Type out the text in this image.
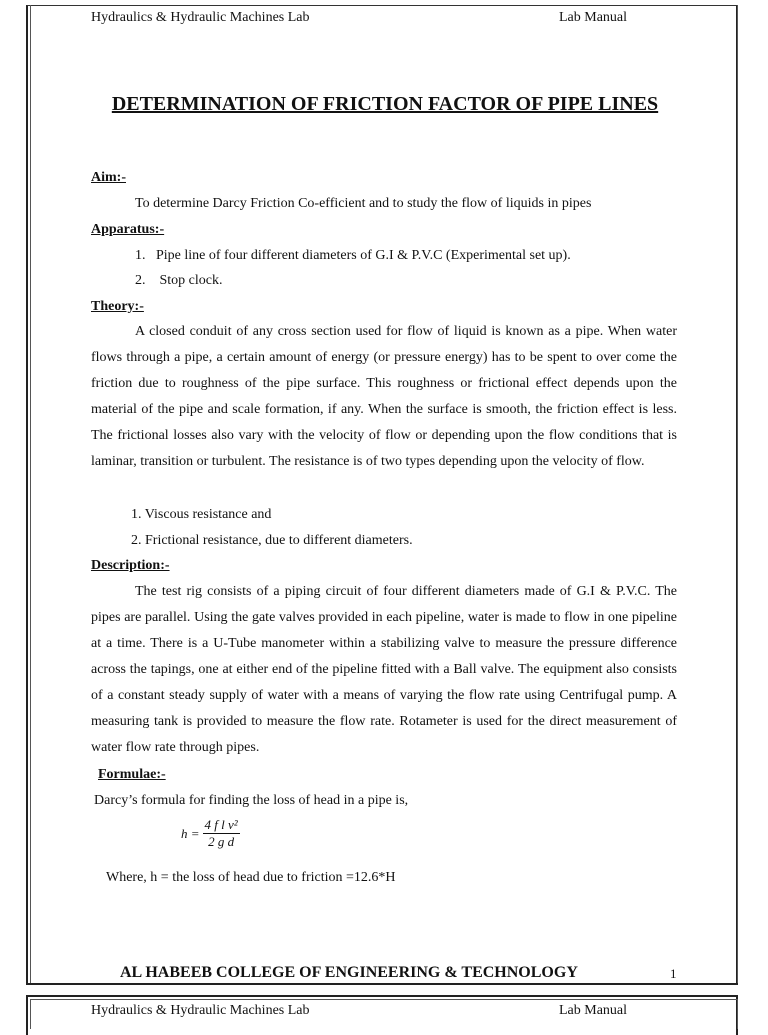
Hydraulics & Hydraulic Machines Lab	Lab Manual
DETERMINATION OF FRICTION FACTOR OF PIPE LINES
Aim:-
To determine Darcy Friction Co-efficient and to study the flow of liquids in pipes
Apparatus:-
1.   Pipe line of four different diameters of G.I & P.V.C (Experimental set up).
2.    Stop clock.
Theory:-

A closed conduit of any cross section used for flow of liquid is known as a pipe. When water flows through a pipe, a certain amount of energy (or pressure energy) has to be spent to over come the friction due to roughness of the pipe surface. This roughness or frictional effect depends upon the material of the pipe and scale formation, if any. When the surface is smooth, the friction effect is less. The frictional losses also vary with the velocity of flow or depending upon the flow conditions that is laminar, transition or turbulent. The resistance is of two types depending upon the velocity of flow.

1. Viscous resistance and
2. Frictional resistance, due to different diameters.
Description:-

The test rig consists of a piping circuit of four different diameters made of G.I & P.V.C. The pipes are parallel. Using the gate valves provided in each pipeline, water is made to flow in one pipeline at a time. There is a U-Tube manometer within a stabilizing valve to measure the pressure difference across the tapings, one at either end of the pipeline fitted with a Ball valve. The equipment also consists of a constant steady supply of water with a means of varying the flow rate using Centrifugal pump. A measuring tank is provided to measure the flow rate. Rotameter is used for the direct measurement of water flow rate through pipes.

Formulae:-
Darcy’s formula for finding the loss of head in a pipe is,
$h = \frac{\text{4 f l v²}}{\text{2 g d}}$
Where, h = the loss of head due to friction =12.6*H
AL HABEEB COLLEGE OF ENGINEERING & TECHNOLOGY	1
Hydraulics & Hydraulic Machines Lab	Lab Manual
